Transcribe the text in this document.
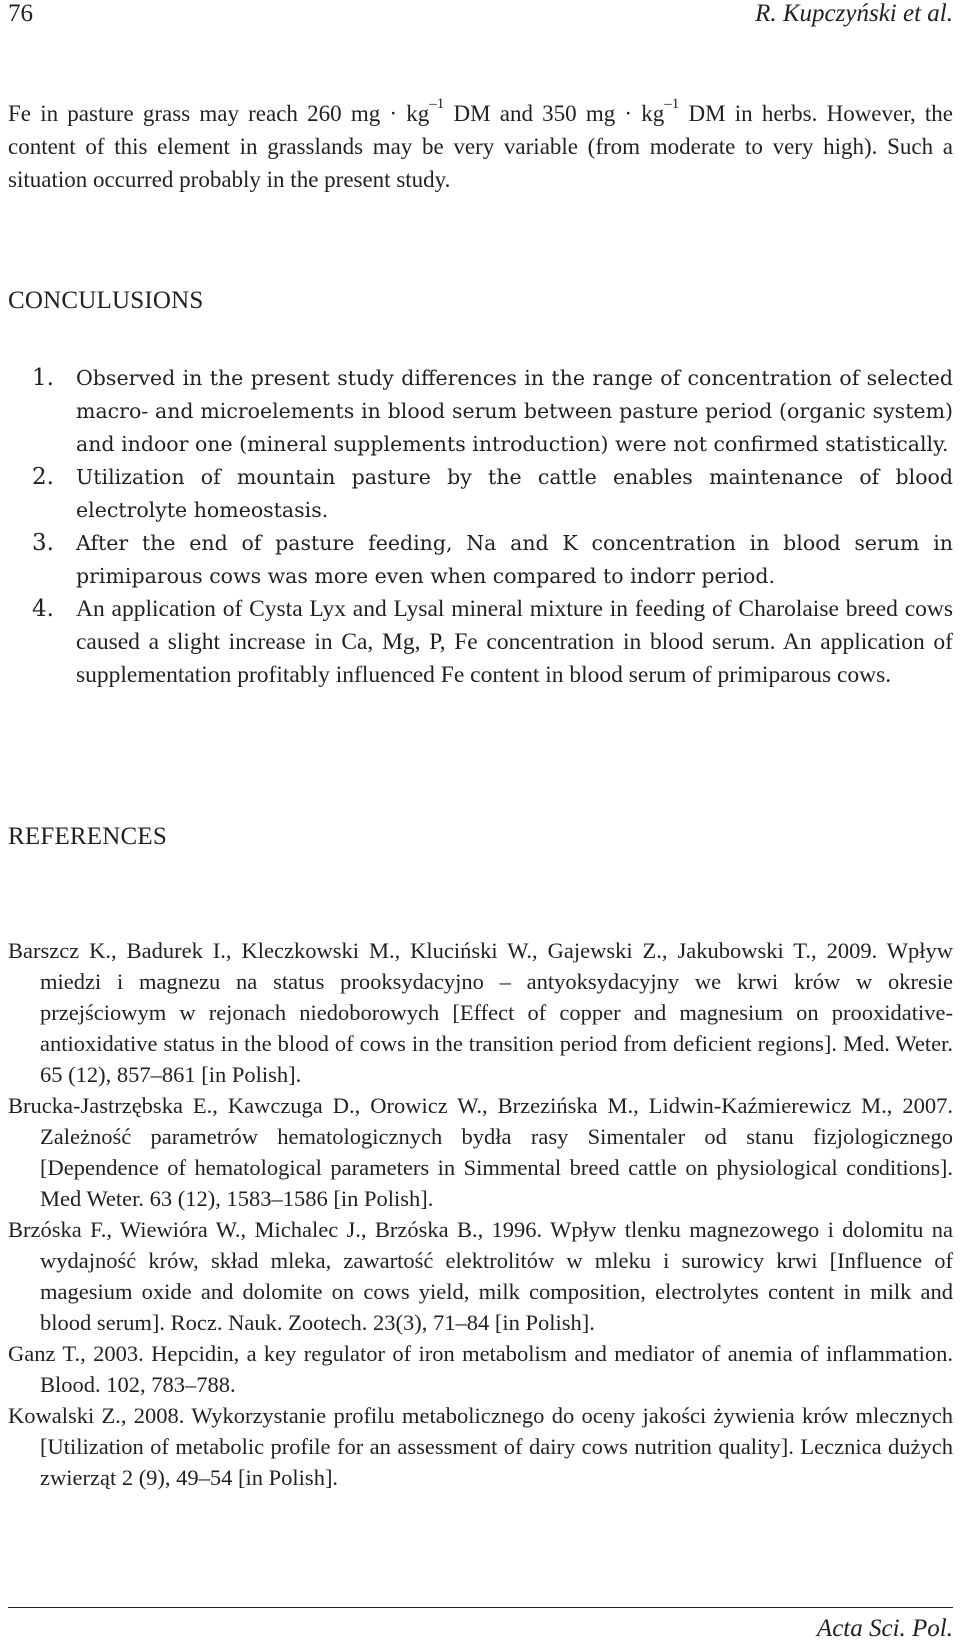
76	R. Kupczyński et al.

Fe in pasture grass may reach 260 mg · $kg^{-1}$ DM and 350 mg · $kg^{-1}$ DM in herbs. However, the content of this element in grasslands may be very variable (from moderate to very high). Such a situation occurred probably in the present study.

CONCULUSIONS
1. Observed in the present study differences in the range of concentration of selected macro- and microelements in blood serum between pasture period (organic system) and indoor one (mineral supplements introduction) were not confirmed statistically.
2. Utilization of mountain pasture by the cattle enables maintenance of blood electrolyte homeostasis.
3. After the end of pasture feeding, Na and K concentration in blood serum in primiparous cows was more even when compared to indorr period.
4. An application of Cysta Lyx and Lysal mineral mixture in feeding of Charolaise breed cows caused a slight increase in Ca, Mg, P, Fe concentration in blood serum. An application of supplementation profitably influenced Fe content in blood serum of primiparous cows.
REFERENCES
Barszcz K., Badurek I., Kleczkowski M., Kluciński W., Gajewski Z., Jakubowski T., 2009. Wpływ miedzi i magnezu na status prooksydacyjno – antyoksydacyjny we krwi krów w okresie przejściowym w rejonach niedoborowych [Effect of copper and magnesium on prooxidative-antioxidative status in the blood of cows in the transition period from deficient regions]. Med. Weter. 65 (12), 857–861 [in Polish].
Brucka-Jastrzębska E., Kawczuga D., Orowicz W., Brzezińska M., Lidwin-Kaźmierewicz M., 2007. Zależność parametrów hematologicznych bydła rasy Simentaler od stanu fizjologicznego [Dependence of hematological parameters in Simmental breed cattle on physiological conditions]. Med Weter. 63 (12), 1583–1586 [in Polish].
Brzóska F., Wiewióra W., Michalec J., Brzóska B., 1996. Wpływ tlenku magnezowego i dolomitu na wydajność krów, skład mleka, zawartość elektrolitów w mleku i surowicy krwi [Influence of magesium oxide and dolomite on cows yield, milk composition, electrolytes content in milk and blood serum]. Rocz. Nauk. Zootech. 23(3), 71–84 [in Polish].
Ganz T., 2003. Hepcidin, a key regulator of iron metabolism and mediator of anemia of inflammation. Blood. 102, 783–788.
Kowalski Z., 2008. Wykorzystanie profilu metabolicznego do oceny jakości żywienia krów mlecznych [Utilization of metabolic profile for an assessment of dairy cows nutrition quality]. Lecznica dużych zwierząt 2 (9), 49–54 [in Polish].
Acta Sci. Pol.
